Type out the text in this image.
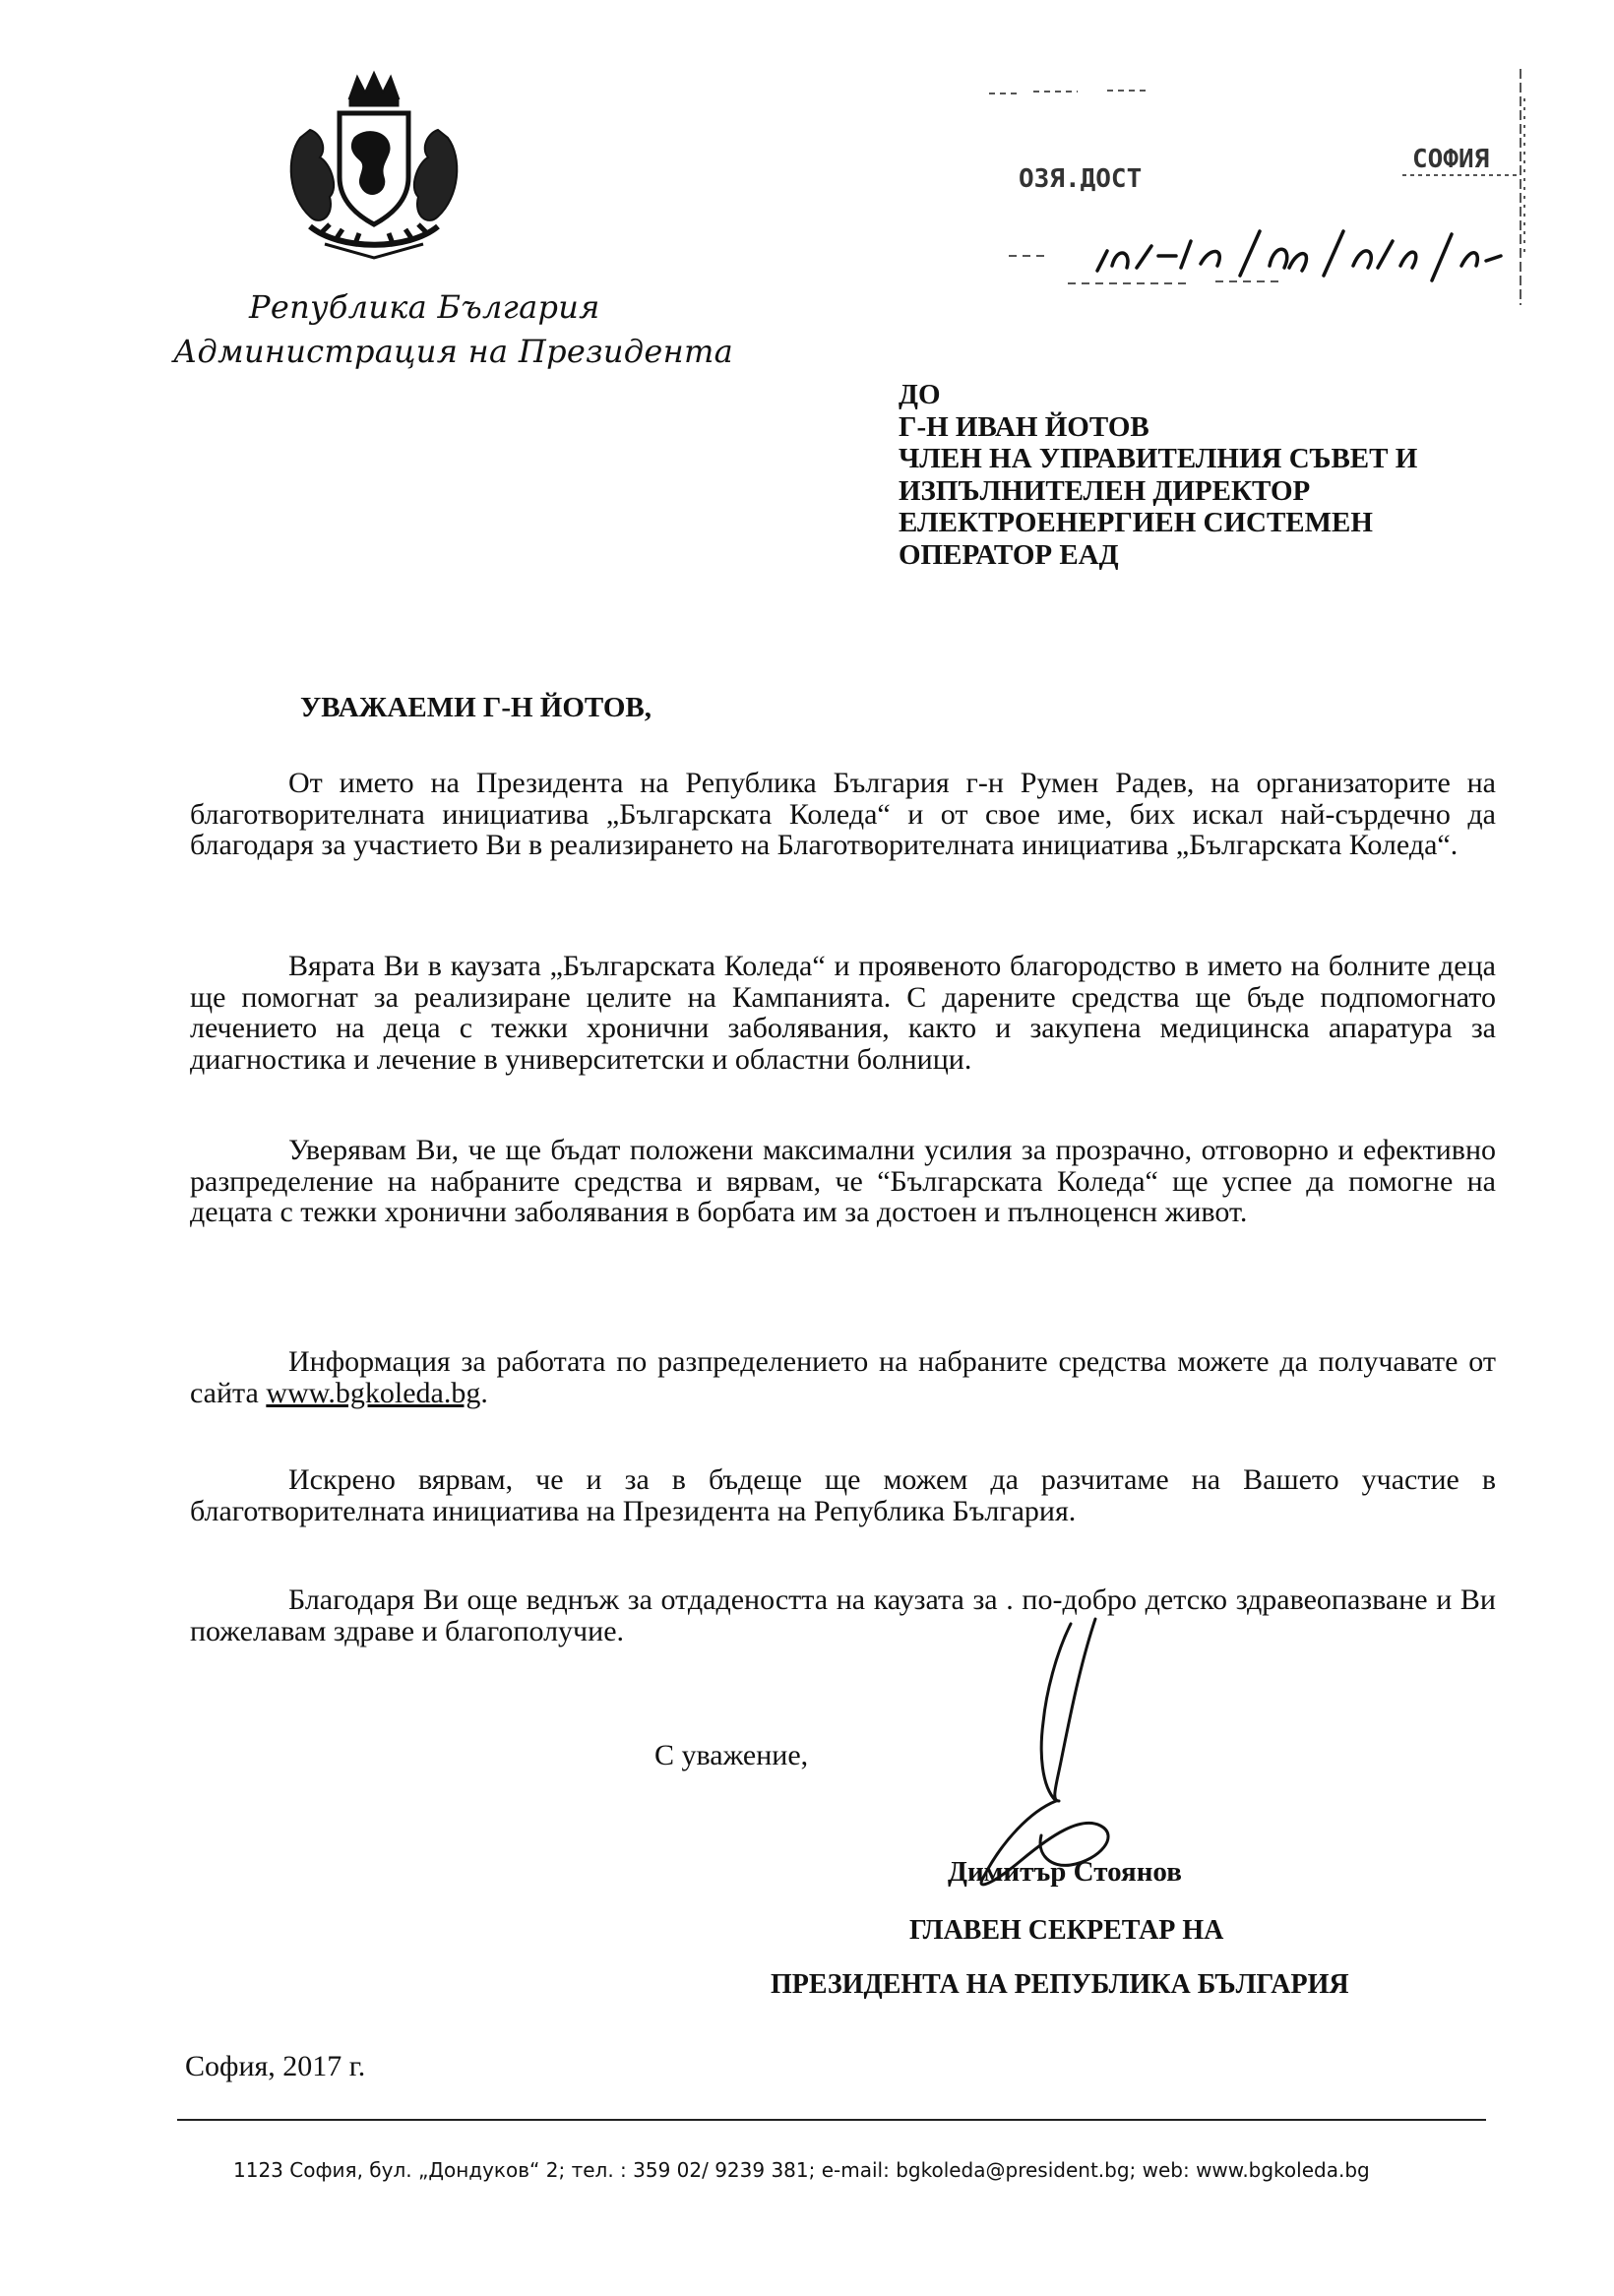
Република България
Администрация на Президента
ОЗЯ.ДОСТ
СОФИЯ
ДО
Г-Н ИВАН ЙОТОВ
ЧЛЕН НА УПРАВИТЕЛНИЯ СЪВЕТ И
ИЗПЪЛНИТЕЛЕН ДИРЕКТОР
ЕЛЕКТРОЕНЕРГИЕН СИСТЕМЕН
ОПЕРАТОР ЕАД
УВАЖАЕМИ Г-Н ЙОТОВ,
От името на Президента на Република България г-н Румен Радев, на организаторите на благотворителната инициатива „Българската Коледа“ и от свое име, бих искал най-сърдечно да благодаря за участието Ви в реализирането на Благотворителната инициатива „Българската Коледа“.
Вярата Ви в каузата „Българската Коледа“ и проявеното благородство в името на болните деца ще помогнат за реализиране целите на Кампанията. С дарените средства ще бъде подпомогнато лечението на деца с тежки хронични заболявания, както и закупена медицинска апаратура за диагностика и лечение в университетски и областни болници.
Уверявам Ви, че ще бъдат положени максимални усилия за прозрачно, отговорно и ефективно разпределение на набраните средства и вярвам, че “Българската Коледа“ ще успее да помогне на децата с тежки хронични заболявания в борбата им за достоен и пълноценсн живот.
Информация за работата по разпределението на набраните средства можете да получавате от сайта www.bgkoleda.bg.
Искрено вярвам, че и за в бъдеще ще можем да разчитаме на Вашето участие в благотворителната инициатива на Президента на Република България.
Благодаря Ви още веднъж за отдадеността на каузата за . по-добро детско здравеопазване и Ви пожелавам здраве и благополучие.
С уважение,
Димитър Стоянов
ГЛАВЕН СЕКРЕТАР НА
ПРЕЗИДЕНТА НА РЕПУБЛИКА БЪЛГАРИЯ
София, 2017 г.
1123 София, бул. „Дондуков“ 2; тел. : 359 02/ 9239 381; e-mail: bgkoleda@president.bg; web: www.bgkoleda.bg
